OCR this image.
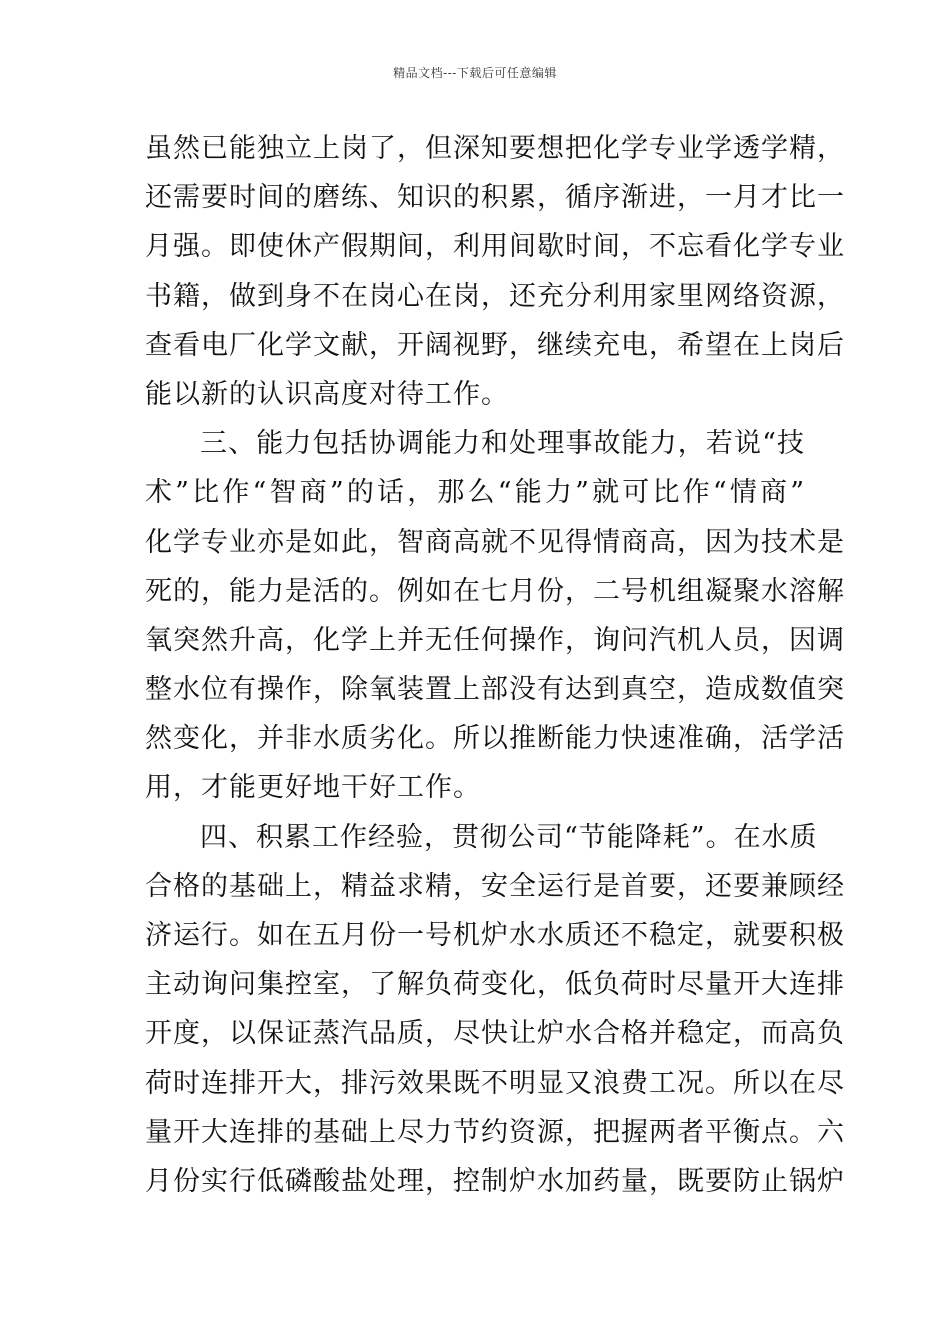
精品文档---下载后可任意编辑
虽然已能独立上岗了，但深知要想把化学专业学透学精，
还需要时间的磨练、知识的积累，循序渐进，一月才比一
月强。即使休产假期间，利用间歇时间，不忘看化学专业
书籍，做到身不在岗心在岗，还充分利用家里网络资源，
查看电厂化学文献，开阔视野，继续充电，希望在上岗后
能以新的认识高度对待工作。
三、能力包括协调能力和处理事故能力，若说“技
术”比作“智商”的话，那么“能力”就可比作“情商”
化学专业亦是如此，智商高就不见得情商高，因为技术是
死的，能力是活的。例如在七月份，二号机组凝聚水溶解
氧突然升高，化学上并无任何操作，询问汽机人员，因调
整水位有操作，除氧装置上部没有达到真空，造成数值突
然变化，并非水质劣化。所以推断能力快速准确，活学活
用，才能更好地干好工作。
四、积累工作经验，贯彻公司“节能降耗”。在水质
合格的基础上，精益求精，安全运行是首要，还要兼顾经
济运行。如在五月份一号机炉水水质还不稳定，就要积极
主动询问集控室，了解负荷变化，低负荷时尽量开大连排
开度，以保证蒸汽品质，尽快让炉水合格并稳定，而高负
荷时连排开大，排污效果既不明显又浪费工况。所以在尽
量开大连排的基础上尽力节约资源，把握两者平衡点。六
月份实行低磷酸盐处理，控制炉水加药量，既要防止锅炉
